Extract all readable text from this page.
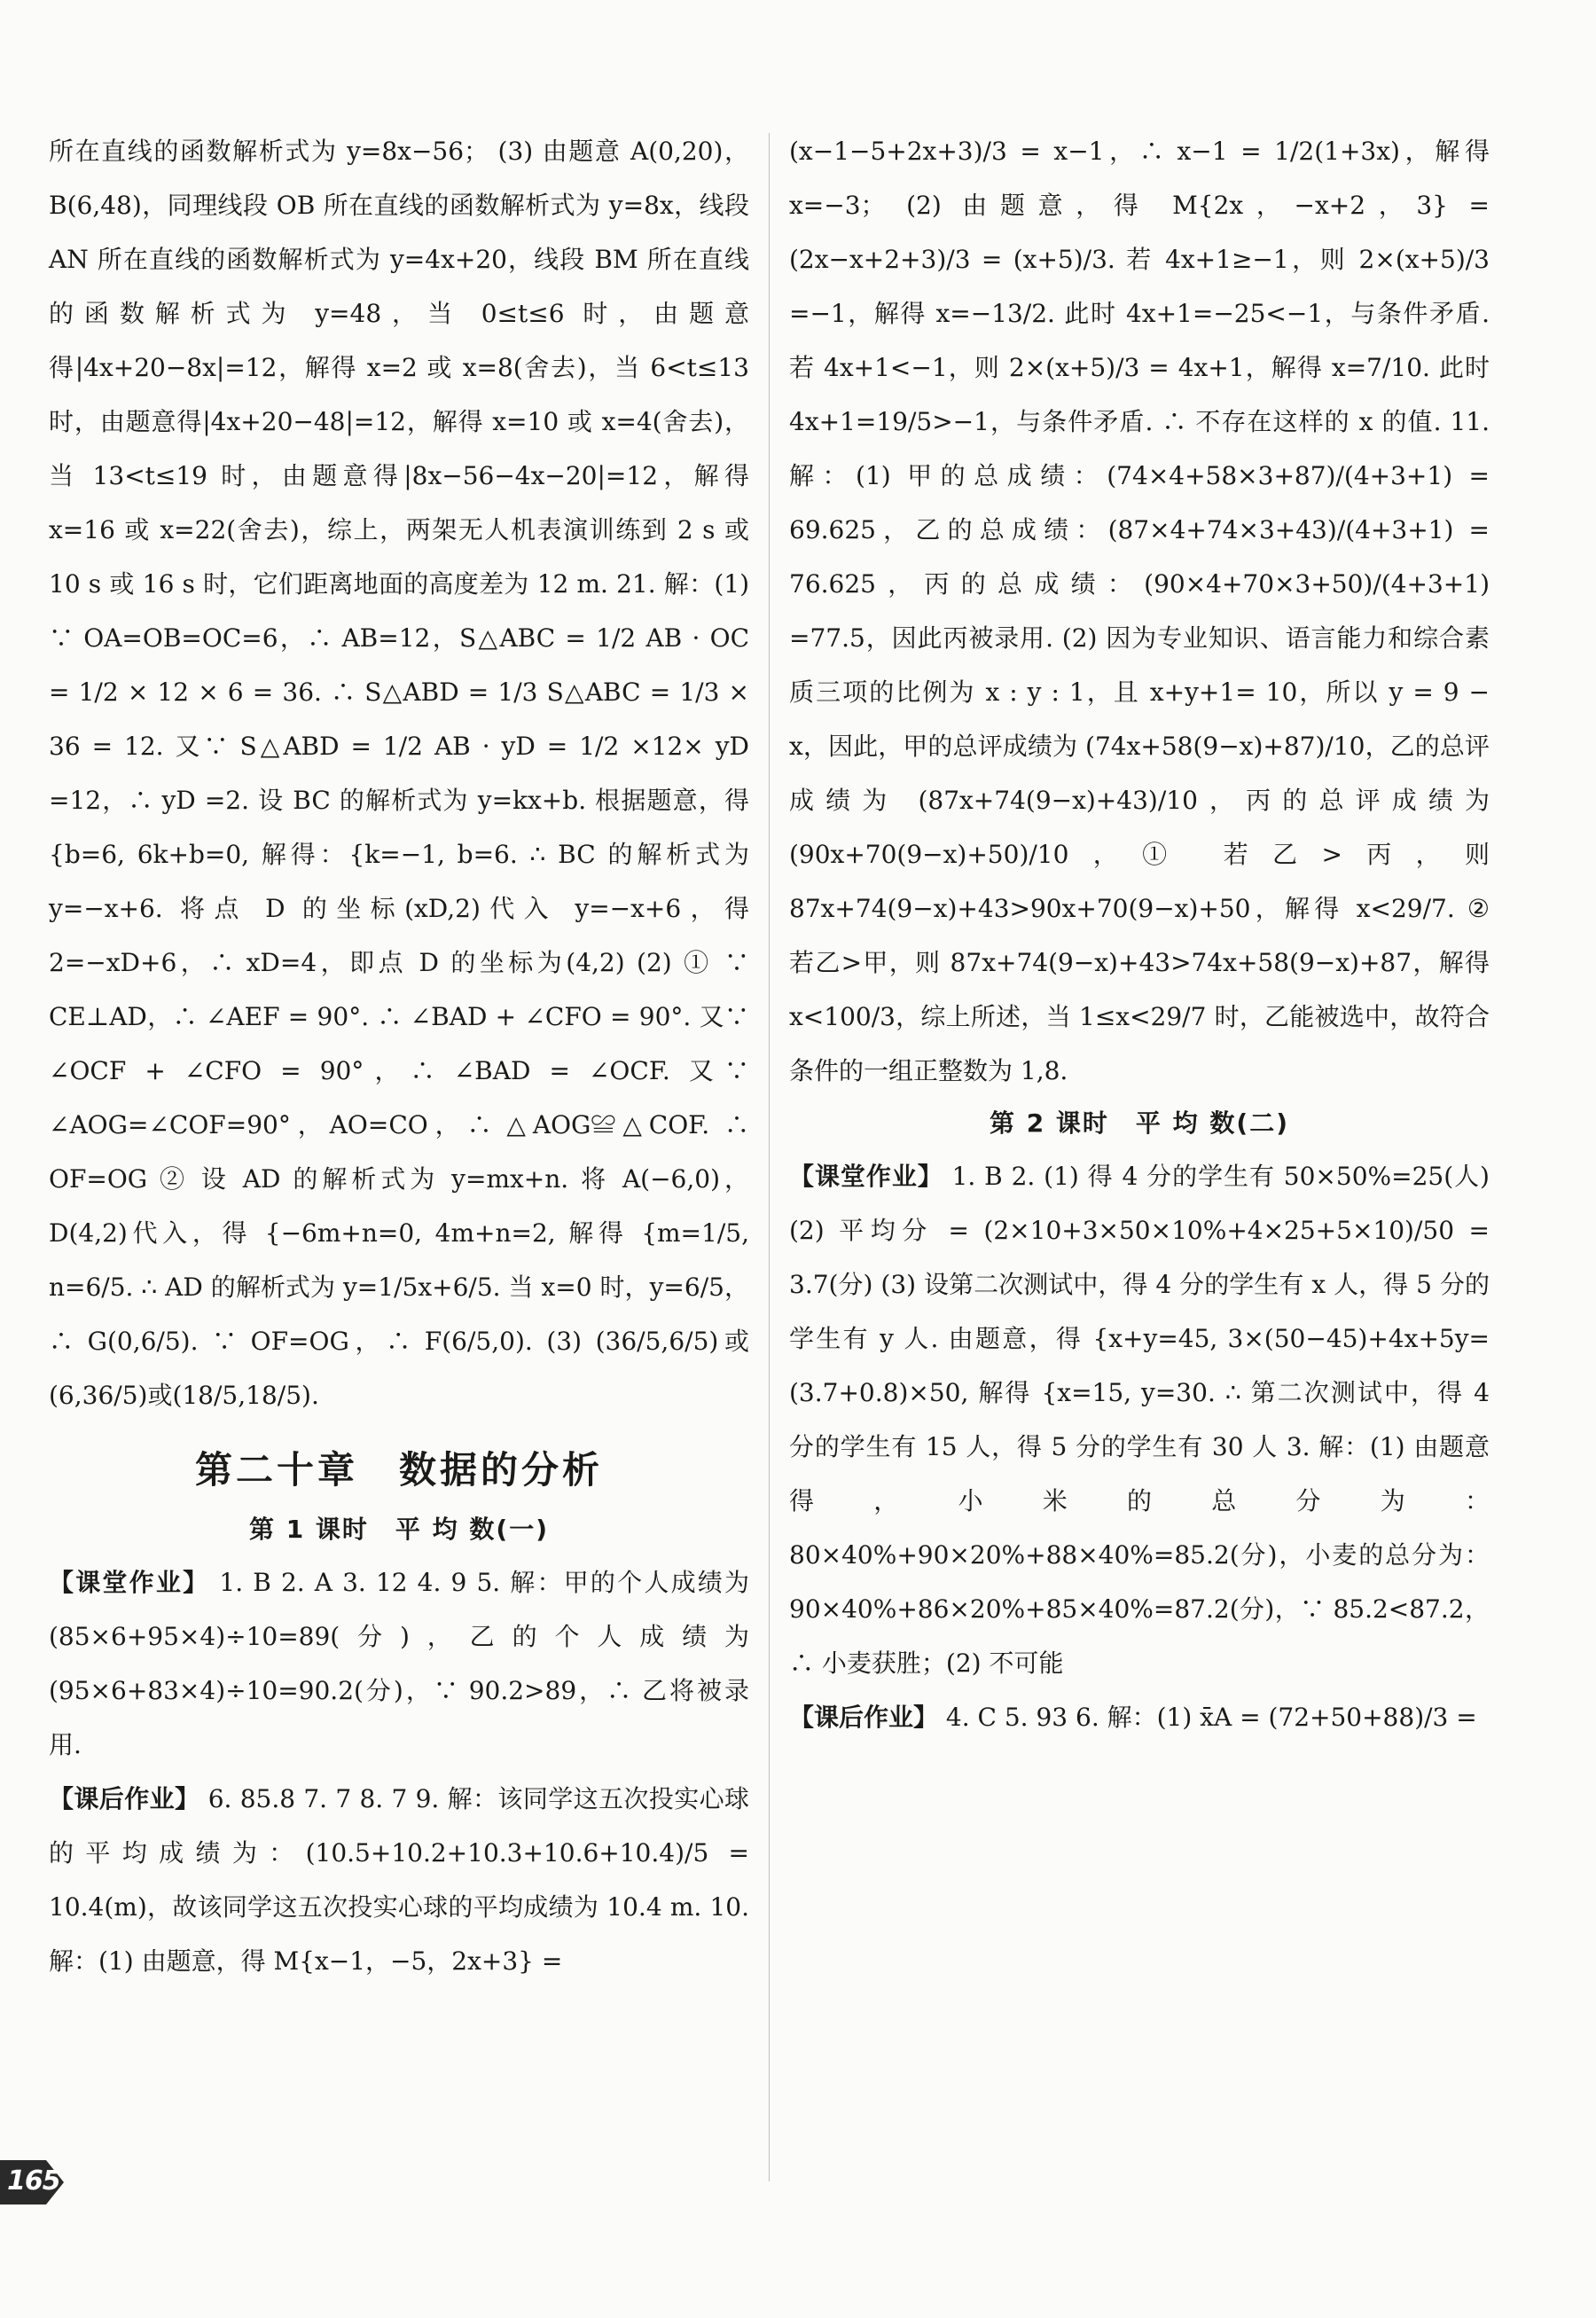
所在直线的函数解析式为 y=8x−56； (3) 由题意 A(0,20)，B(6,48)，同理线段 OB 所在直线的函数解析式为 y=8x，线段 AN 所在直线的函数解析式为 y=4x+20，线段 BM 所在直线的函数解析式为 y=48，当 0≤t≤6 时，由题意得|4x+20−8x|=12，解得 x=2 或 x=8(舍去)，当 6<t≤13 时，由题意得|4x+20−48|=12，解得 x=10 或 x=4(舍去)，当 13<t≤19 时，由题意得|8x−56−4x−20|=12，解得 x=16 或 x=22(舍去)，综上，两架无人机表演训练到 2 s 或 10 s 或 16 s 时，它们距离地面的高度差为 12 m. 21. 解：(1) ∵ OA=OB=OC=6，∴ AB=12，S△ABC = 1/2 AB · OC = 1/2 × 12 × 6 = 36. ∴ S△ABD = 1/3 S△ABC = 1/3 × 36 = 12. 又∵ S△ABD = 1/2 AB · yD = 1/2 ×12× yD =12，∴ yD =2. 设 BC 的解析式为 y=kx+b. 根据题意，得 {b=6, 6k+b=0, 解得：{k=−1, b=6. ∴ BC 的解析式为 y=−x+6. 将点 D 的坐标(xD,2)代入 y=−x+6，得 2=−xD+6，∴ xD=4，即点 D 的坐标为(4,2) (2) ① ∵ CE⊥AD，∴ ∠AEF = 90°. ∴ ∠BAD + ∠CFO = 90°. 又∵ ∠OCF + ∠CFO = 90°，∴ ∠BAD = ∠OCF. 又∵ ∠AOG=∠COF=90°，AO=CO，∴ △AOG≌△COF. ∴ OF=OG ② 设 AD 的解析式为 y=mx+n. 将 A(−6,0)，D(4,2)代入，得 {−6m+n=0, 4m+n=2, 解得 {m=1/5, n=6/5. ∴ AD 的解析式为 y=1/5x+6/5. 当 x=0 时，y=6/5，∴ G(0,6/5). ∵ OF=OG，∴ F(6/5,0). (3) (36/5,6/5)或(6,36/5)或(18/5,18/5).

第二十章　数据的分析
第 1 课时　平 均 数(一)

【课堂作业】 1. B 2. A 3. 12 4. 9 5. 解：甲的个人成绩为(85×6+95×4)÷10=89(分)，乙的个人成绩为(95×6+83×4)÷10=90.2(分)，∵ 90.2>89，∴ 乙将被录用.

【课后作业】 6. 85.8 7. 7 8. 7 9. 解：该同学这五次投实心球的平均成绩为：(10.5+10.2+10.3+10.6+10.4)/5 = 10.4(m)，故该同学这五次投实心球的平均成绩为 10.4 m. 10. 解：(1) 由题意，得 M{x−1，−5，2x+3} =

(x−1−5+2x+3)/3 = x−1，∴ x−1 = 1/2(1+3x)，解得 x=−3； (2) 由题意，得 M{2x，−x+2，3} = (2x−x+2+3)/3 = (x+5)/3. 若 4x+1≥−1，则 2×(x+5)/3 =−1，解得 x=−13/2. 此时 4x+1=−25<−1，与条件矛盾. 若 4x+1<−1，则 2×(x+5)/3 = 4x+1，解得 x=7/10. 此时 4x+1=19/5>−1，与条件矛盾. ∴ 不存在这样的 x 的值. 11. 解：(1) 甲的总成绩：(74×4+58×3+87)/(4+3+1) = 69.625，乙的总成绩：(87×4+74×3+43)/(4+3+1) = 76.625，丙的总成绩：(90×4+70×3+50)/(4+3+1) =77.5，因此丙被录用. (2) 因为专业知识、语言能力和综合素质三项的比例为 x : y : 1，且 x+y+1= 10，所以 y = 9 − x，因此，甲的总评成绩为 (74x+58(9−x)+87)/10，乙的总评成绩为 (87x+74(9−x)+43)/10，丙的总评成绩为 (90x+70(9−x)+50)/10，① 若乙>丙，则 87x+74(9−x)+43>90x+70(9−x)+50，解得 x<29/7. ② 若乙>甲，则 87x+74(9−x)+43>74x+58(9−x)+87，解得 x<100/3，综上所述，当 1≤x<29/7 时，乙能被选中，故符合条件的一组正整数为 1,8.

第 2 课时　平 均 数(二)

【课堂作业】 1. B 2. (1) 得 4 分的学生有 50×50%=25(人) (2) 平均分 = (2×10+3×50×10%+4×25+5×10)/50 = 3.7(分) (3) 设第二次测试中，得 4 分的学生有 x 人，得 5 分的学生有 y 人. 由题意，得 {x+y=45, 3×(50−45)+4x+5y=(3.7+0.8)×50, 解得 {x=15, y=30. ∴ 第二次测试中，得 4 分的学生有 15 人，得 5 分的学生有 30 人 3. 解：(1) 由题意得，小米的总分为：80×40%+90×20%+88×40%=85.2(分)，小麦的总分为：90×40%+86×20%+85×40%=87.2(分)，∵ 85.2<87.2，∴ 小麦获胜；(2) 不可能

【课后作业】 4. C 5. 93 6. 解：(1) x̄A = (72+50+88)/3 =

165
